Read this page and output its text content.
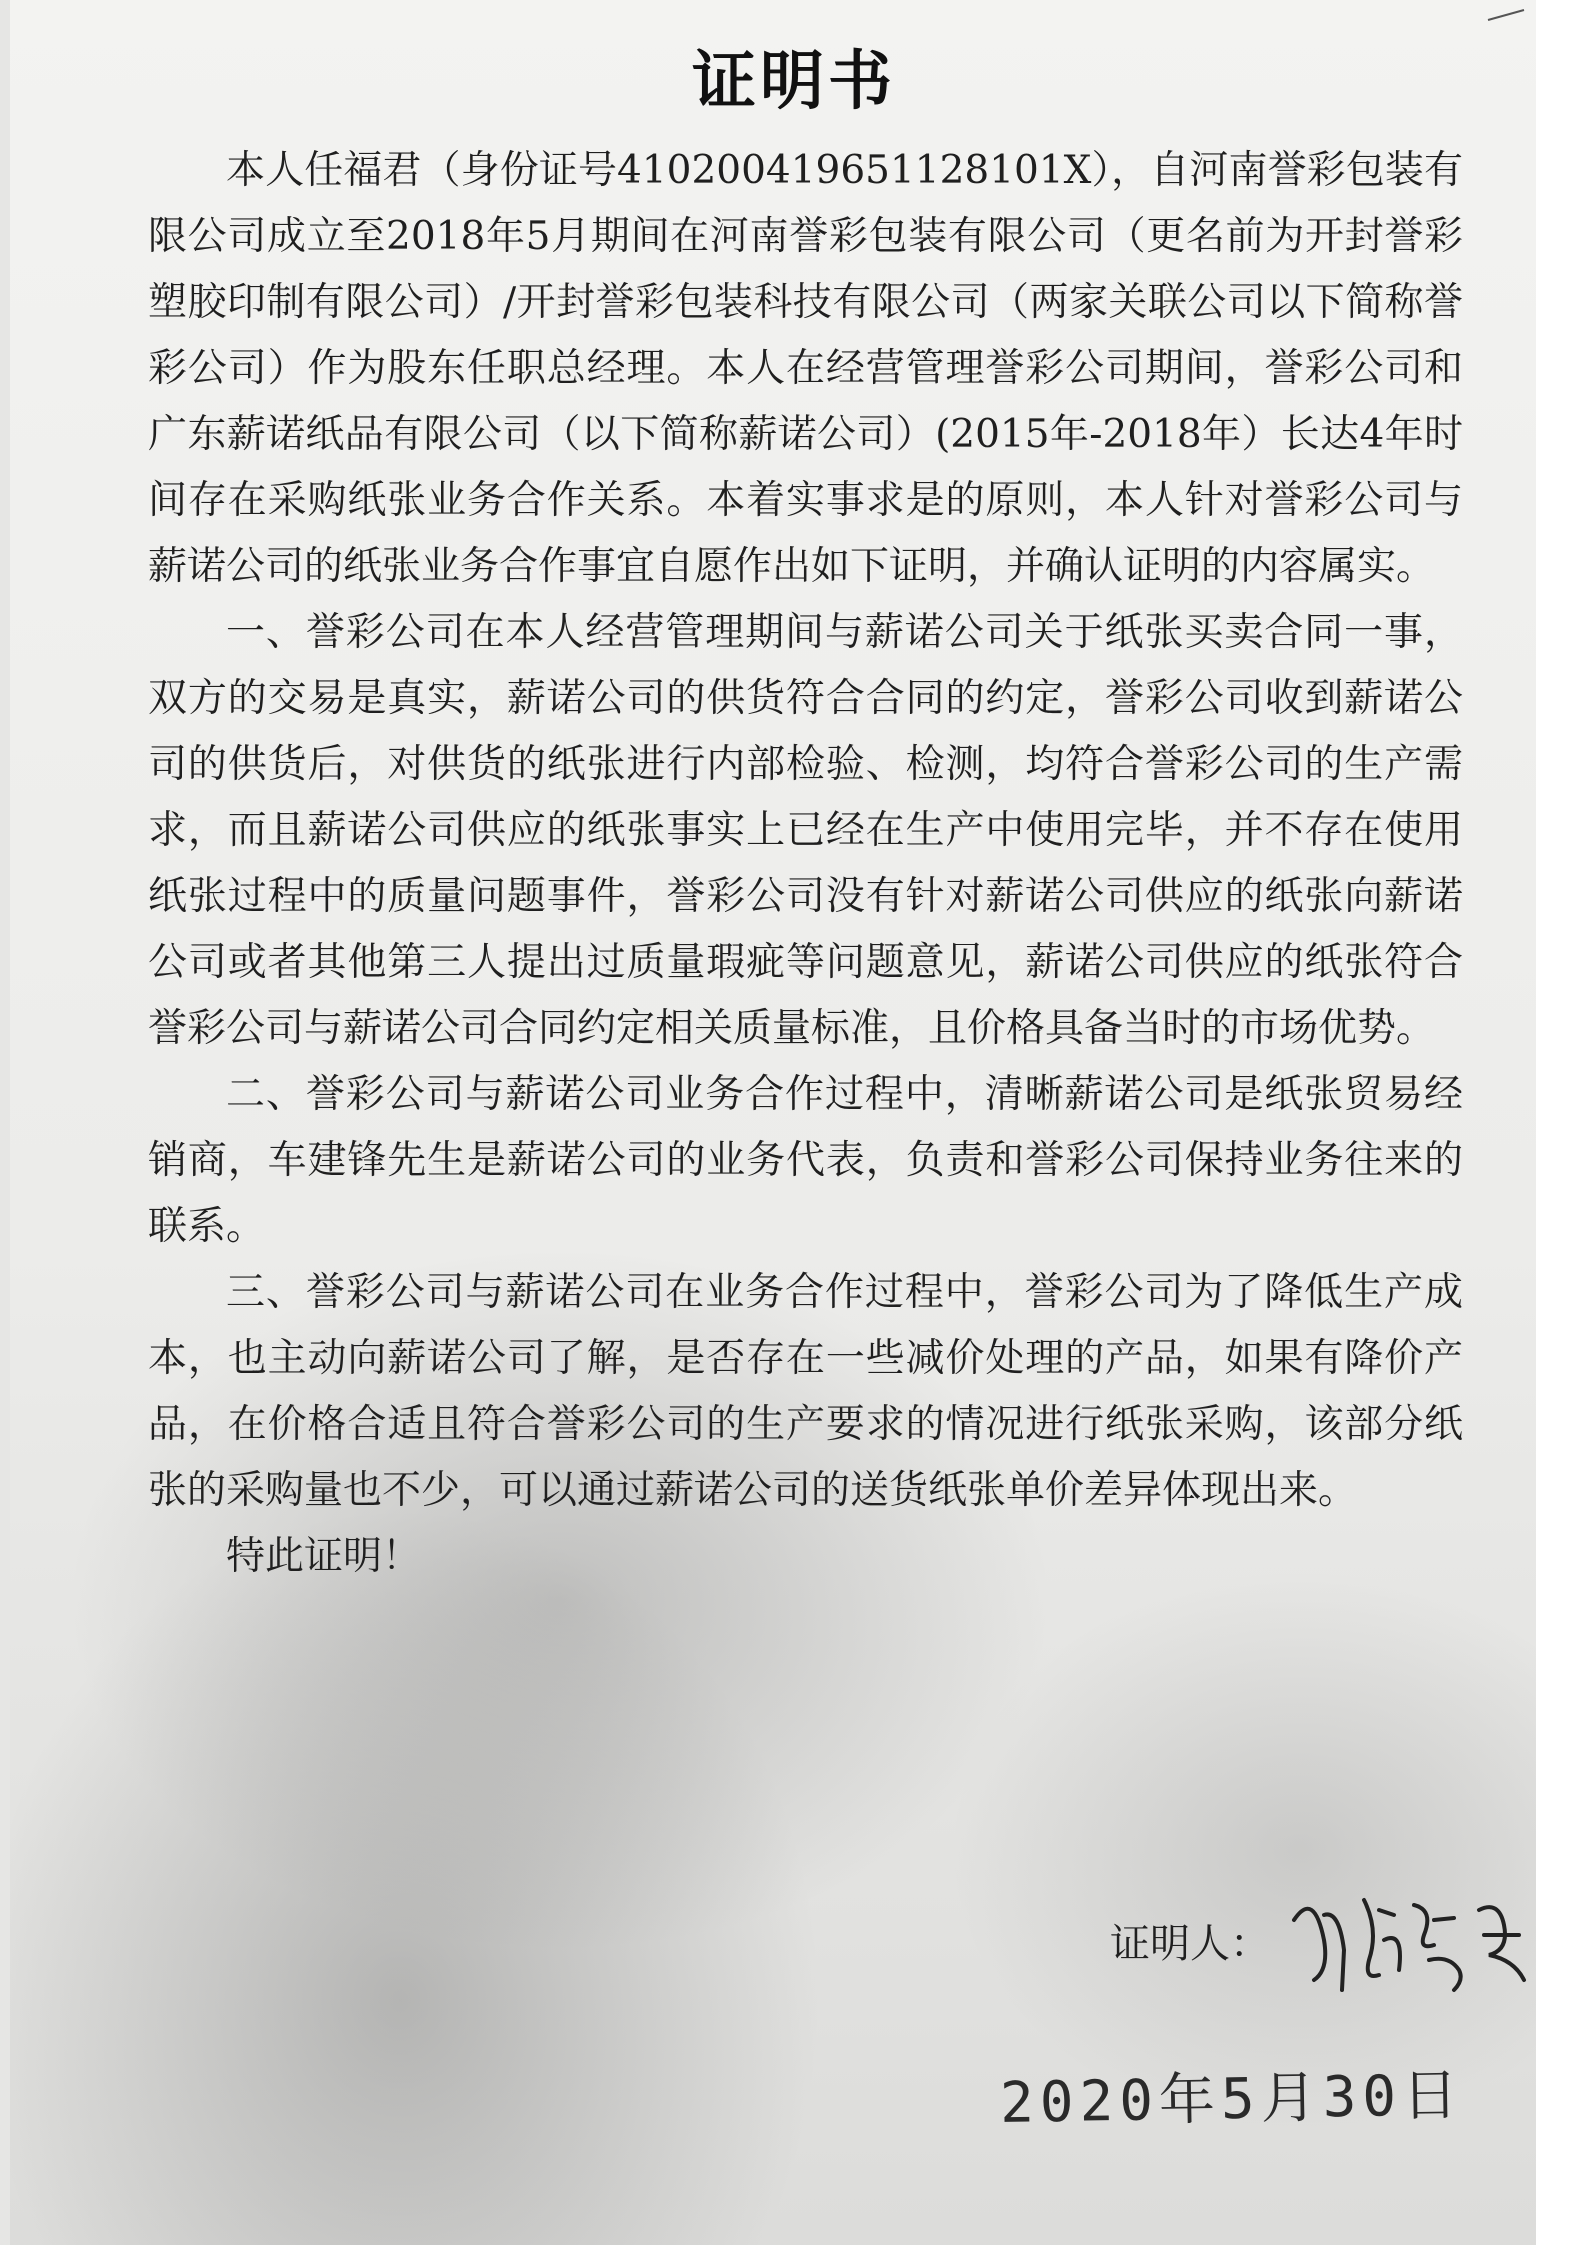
证明书

本人任福君（身份证号410200419651128101X），自河南誉彩包装有限公司成立至2018年5月期间在河南誉彩包装有限公司（更名前为开封誉彩塑胶印制有限公司）/开封誉彩包装科技有限公司（两家关联公司以下简称誉彩公司）作为股东任职总经理。本人在经营管理誉彩公司期间，誉彩公司和广东薪诺纸品有限公司（以下简称薪诺公司）(2015年-2018年）长达4年时间存在采购纸张业务合作关系。本着实事求是的原则，本人针对誉彩公司与薪诺公司的纸张业务合作事宜自愿作出如下证明，并确认证明的内容属实。

一、誉彩公司在本人经营管理期间与薪诺公司关于纸张买卖合同一事，双方的交易是真实，薪诺公司的供货符合合同的约定，誉彩公司收到薪诺公司的供货后，对供货的纸张进行内部检验、检测，均符合誉彩公司的生产需求，而且薪诺公司供应的纸张事实上已经在生产中使用完毕，并不存在使用纸张过程中的质量问题事件，誉彩公司没有针对薪诺公司供应的纸张向薪诺公司或者其他第三人提出过质量瑕疵等问题意见，薪诺公司供应的纸张符合誉彩公司与薪诺公司合同约定相关质量标准，且价格具备当时的市场优势。

二、誉彩公司与薪诺公司业务合作过程中，清晰薪诺公司是纸张贸易经销商，车建锋先生是薪诺公司的业务代表，负责和誉彩公司保持业务往来的联系。

三、誉彩公司与薪诺公司在业务合作过程中，誉彩公司为了降低生产成本，也主动向薪诺公司了解，是否存在一些减价处理的产品，如果有降价产品，在价格合适且符合誉彩公司的生产要求的情况进行纸张采购，该部分纸张的采购量也不少，可以通过薪诺公司的送货纸张单价差异体现出来。

特此证明！

证明人：
2020年5月30日
